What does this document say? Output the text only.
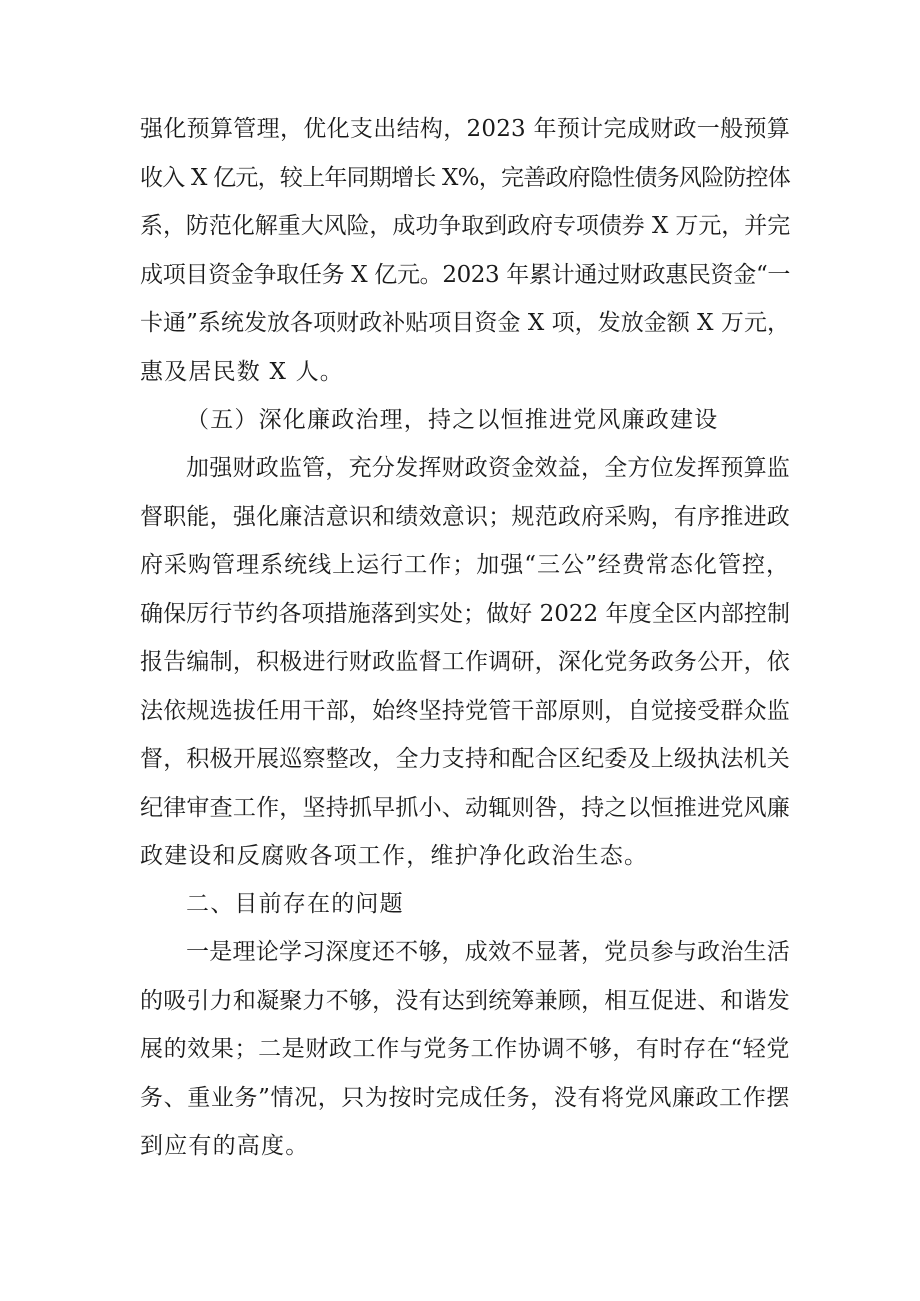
强化预算管理，优化支出结构，2023 年预计完成财政一般预算
收入 X 亿元，较上年同期增长 X%，完善政府隐性债务风险防控体
系，防范化解重大风险，成功争取到政府专项债券 X 万元，并完
成项目资金争取任务 X 亿元。2023 年累计通过财政惠民资金“一
卡通”系统发放各项财政补贴项目资金 X 项，发放金额 X 万元，
惠及居民数 X 人。
（五）深化廉政治理，持之以恒推进党风廉政建设
加强财政监管，充分发挥财政资金效益，全方位发挥预算监
督职能，强化廉洁意识和绩效意识；规范政府采购，有序推进政
府采购管理系统线上运行工作；加强“三公”经费常态化管控，
确保厉行节约各项措施落到实处；做好 2022 年度全区内部控制
报告编制，积极进行财政监督工作调研，深化党务政务公开，依
法依规选拔任用干部，始终坚持党管干部原则，自觉接受群众监
督，积极开展巡察整改，全力支持和配合区纪委及上级执法机关
纪律审查工作，坚持抓早抓小、动辄则咎，持之以恒推进党风廉
政建设和反腐败各项工作，维护净化政治生态。
二、目前存在的问题
一是理论学习深度还不够，成效不显著，党员参与政治生活
的吸引力和凝聚力不够，没有达到统筹兼顾，相互促进、和谐发
展的效果；二是财政工作与党务工作协调不够，有时存在“轻党
务、重业务”情况，只为按时完成任务，没有将党风廉政工作摆
到应有的高度。
